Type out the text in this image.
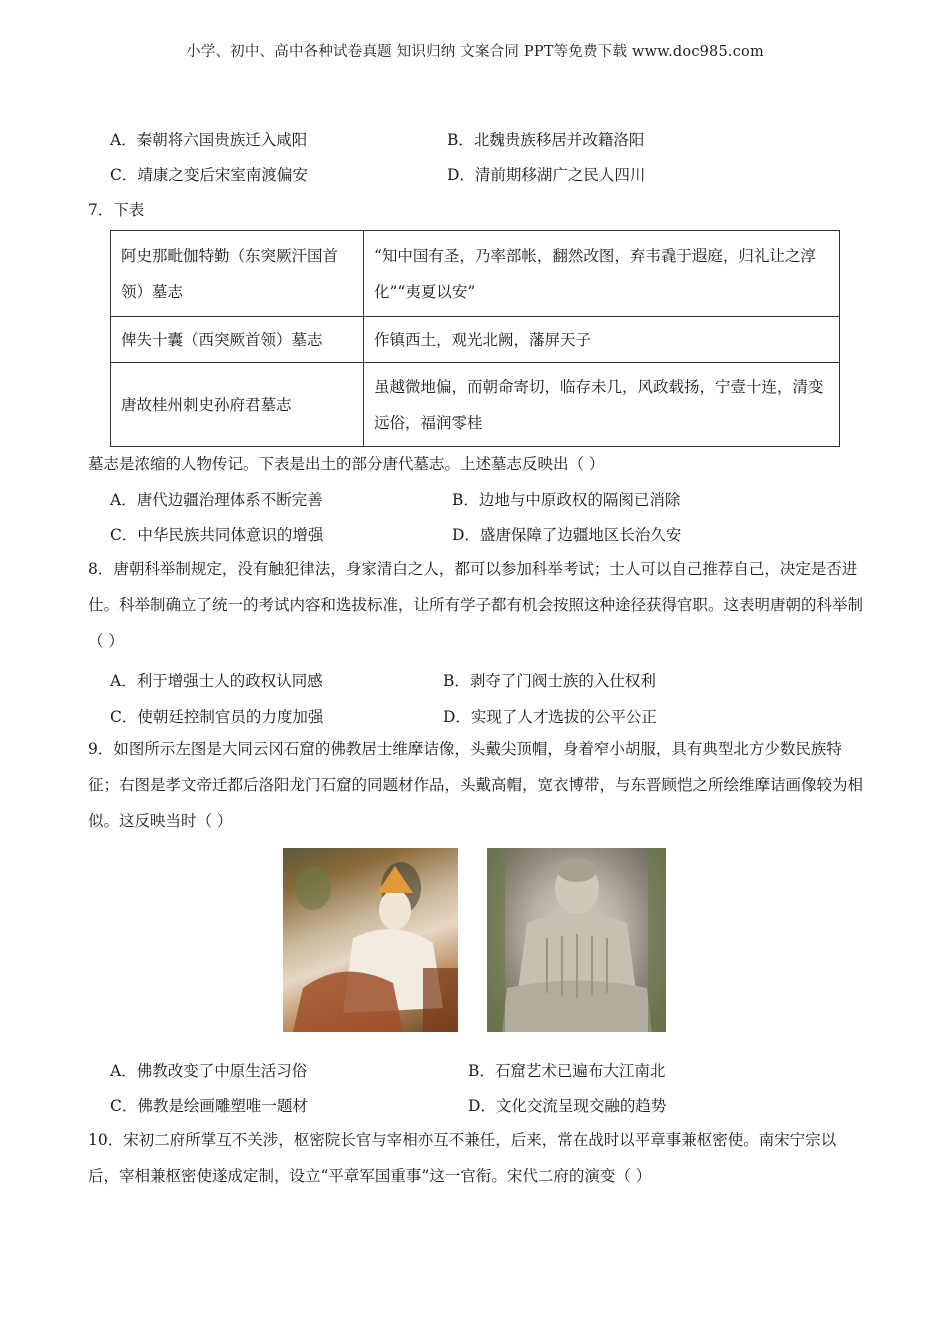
小学、初中、高中各种试卷真题 知识归纳 文案合同 PPT等免费下载 www.doc985.com
A．秦朝将六国贵族迁入咸阳	B．北魏贵族移居并改籍洛阳
C．靖康之变后宋室南渡偏安	D．清前期移湖广之民人四川
7．下表
阿史那毗伽特勤（东突厥汗国首领）墓志	“知中国有圣，乃率部帐，翻然改图，弃韦毳于遐庭，归礼让之淳化”“夷夏以安”
俾失十囊（西突厥首领）墓志	作镇西土，观光北阙，藩屏天子
唐故桂州刺史孙府君墓志	虽越微地偏，而朝命寄切，临存未几，风政载扬，宁壹十连，清变远俗，福润零桂
墓志是浓缩的人物传记。下表是出土的部分唐代墓志。上述墓志反映出（ ）
A．唐代边疆治理体系不断完善	B．边地与中原政权的隔阂已消除
C．中华民族共同体意识的增强	D．盛唐保障了边疆地区长治久安
8．唐朝科举制规定，没有触犯律法，身家清白之人，都可以参加科举考试；士人可以自己推荐自己，决定是否进仕。科举制确立了统一的考试内容和选拔标准，让所有学子都有机会按照这种途径获得官职。这表明唐朝的科举制（ ）
A．利于增强士人的政权认同感	B．剥夺了门阀士族的入仕权利
C．使朝廷控制官员的力度加强	D．实现了人才选拔的公平公正
9．如图所示左图是大同云冈石窟的佛教居士维摩诘像，头戴尖顶帽，身着窄小胡服，具有典型北方少数民族特征；右图是孝文帝迁都后洛阳龙门石窟的同题材作品，头戴高帽，宽衣博带，与东晋顾恺之所绘维摩诘画像较为相似。这反映当时（ ）
A．佛教改变了中原生活习俗	B．石窟艺术已遍布大江南北
C．佛教是绘画雕塑唯一题材	D．文化交流呈现交融的趋势
10．宋初二府所掌互不关涉，枢密院长官与宰相亦互不兼任，后来，常在战时以平章事兼枢密使。南宋宁宗以后，宰相兼枢密使遂成定制，设立“平章军国重事”这一官衔。宋代二府的演变（ ）
